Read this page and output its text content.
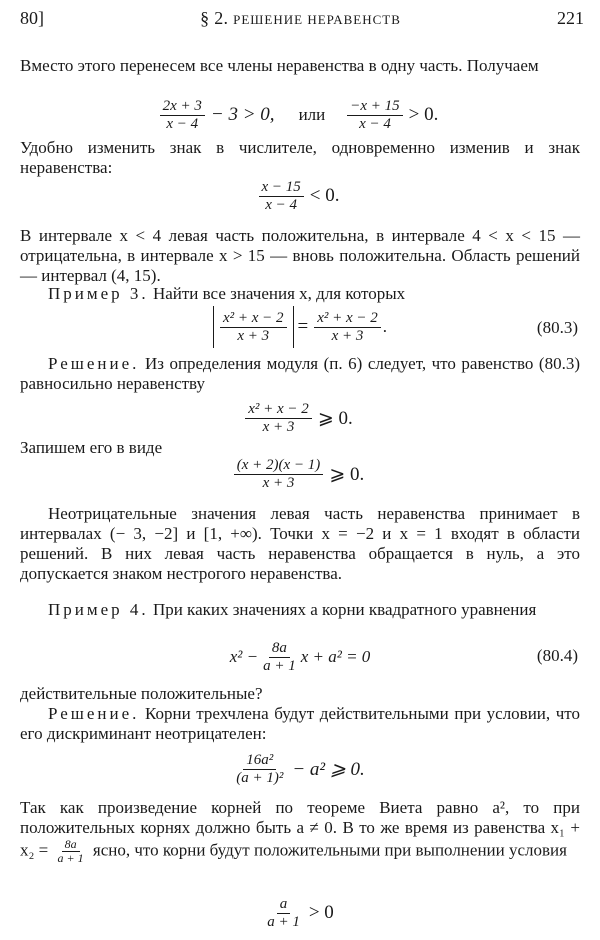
80]	§ 2. РЕШЕНИЕ НЕРАВЕНСТВ	221
Вместо этого перенесем все члены неравенства в одну часть. Получаем
$\frac{2x + 3}{x - 4} - 3 > 0$, или $\frac{-x + 15}{x - 4} > 0$.
Удобно изменить знак в числителе, одновременно изменив и знак неравенства:
$\frac{x - 15}{x - 4} < 0$.
В интервале x < 4 левая часть положительна, в интервале 4 < x < 15 — отрицательна, в интервале x > 15 — вновь положительна. Область решений — интервал (4, 15).
Пример 3. Найти все значения x, для которых
$\frac{\text{x² + x − 2}}{x + 3} = \frac{\text{x² + x − 2}}{x + 3}$ .	(80.3)
Решение. Из определения модуля (п. 6) следует, что равенство (80.3) равносильно неравенству
$\frac{\text{x² + x − 2}}{x + 3}$ ⩾ 0.
Запишем его в виде
$\frac{(x + 2)(x - 1)}{x + 3}$ ⩾ 0.
Неотрицательные значения левая часть неравенства принимает в интервалах (− 3, −2] и [1, +∞). Точки x = −2 и x = 1 входят в области решений. В них левая часть неравенства обращается в нуль, а это допускается знаком нестрогого неравенства.
Пример 4. При каких значениях a корни квадратного уравнения
$x^2 - \frac{8a}{a + 1}$ x + a² = 0	(80.4)
действительные положительные?
Решение. Корни трехчлена будут действительными при условии, что его дискриминант неотрицателен:
$\frac{\text{16a²}}{\text{(a + 1)²}} - a^2$ ⩾ 0.
Так как произведение корней по теореме Виета равно a², то при положительных корнях должно быть a ≠ 0. В то же время из равенства $x_1 + x_2 = \frac{8a}{a + 1}$ ясно, что корни будут положительными при выполнении условия
$\frac{a}{a + 1} > 0$
